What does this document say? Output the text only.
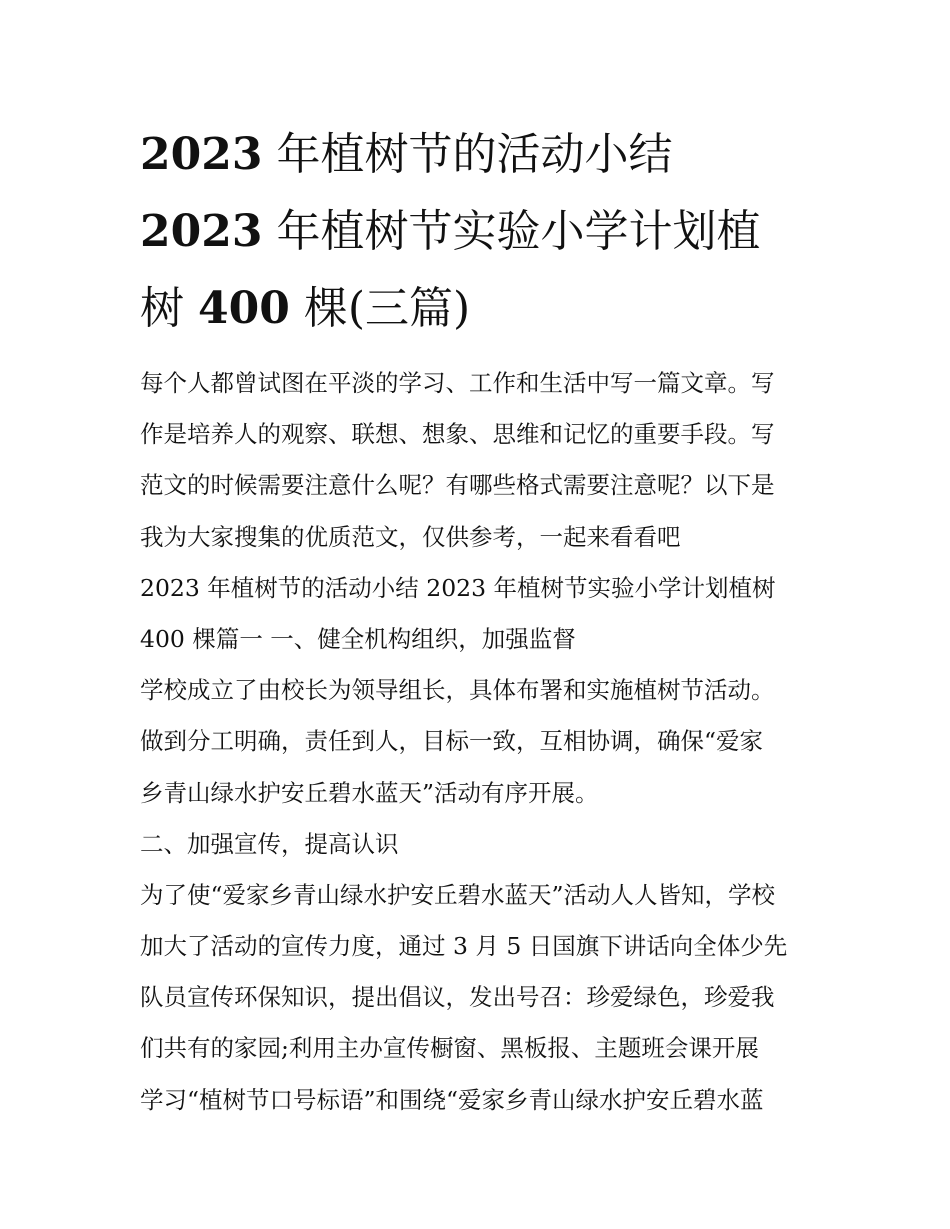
2023 年植树节的活动小结
2023 年植树节实验小学计划植
树 400 棵(三篇)
每个人都曾试图在平淡的学习、工作和生活中写一篇文章。写
作是培养人的观察、联想、想象、思维和记忆的重要手段。写
范文的时候需要注意什么呢？有哪些格式需要注意呢？以下是
我为大家搜集的优质范文，仅供参考，一起来看看吧
2023 年植树节的活动小结 2023 年植树节实验小学计划植树
400 棵篇一 一、健全机构组织，加强监督
学校成立了由校长为领导组长，具体布署和实施植树节活动。
做到分工明确，责任到人，目标一致，互相协调，确保“爱家
乡青山绿水护安丘碧水蓝天”活动有序开展。
二、加强宣传，提高认识
为了使“爱家乡青山绿水护安丘碧水蓝天”活动人人皆知，学校
加大了活动的宣传力度，通过 3 月 5 日国旗下讲话向全体少先
队员宣传环保知识，提出倡议，发出号召：珍爱绿色，珍爱我
们共有的家园;利用主办宣传橱窗、黑板报、主题班会课开展
学习“植树节口号标语”和围绕“爱家乡青山绿水护安丘碧水蓝
